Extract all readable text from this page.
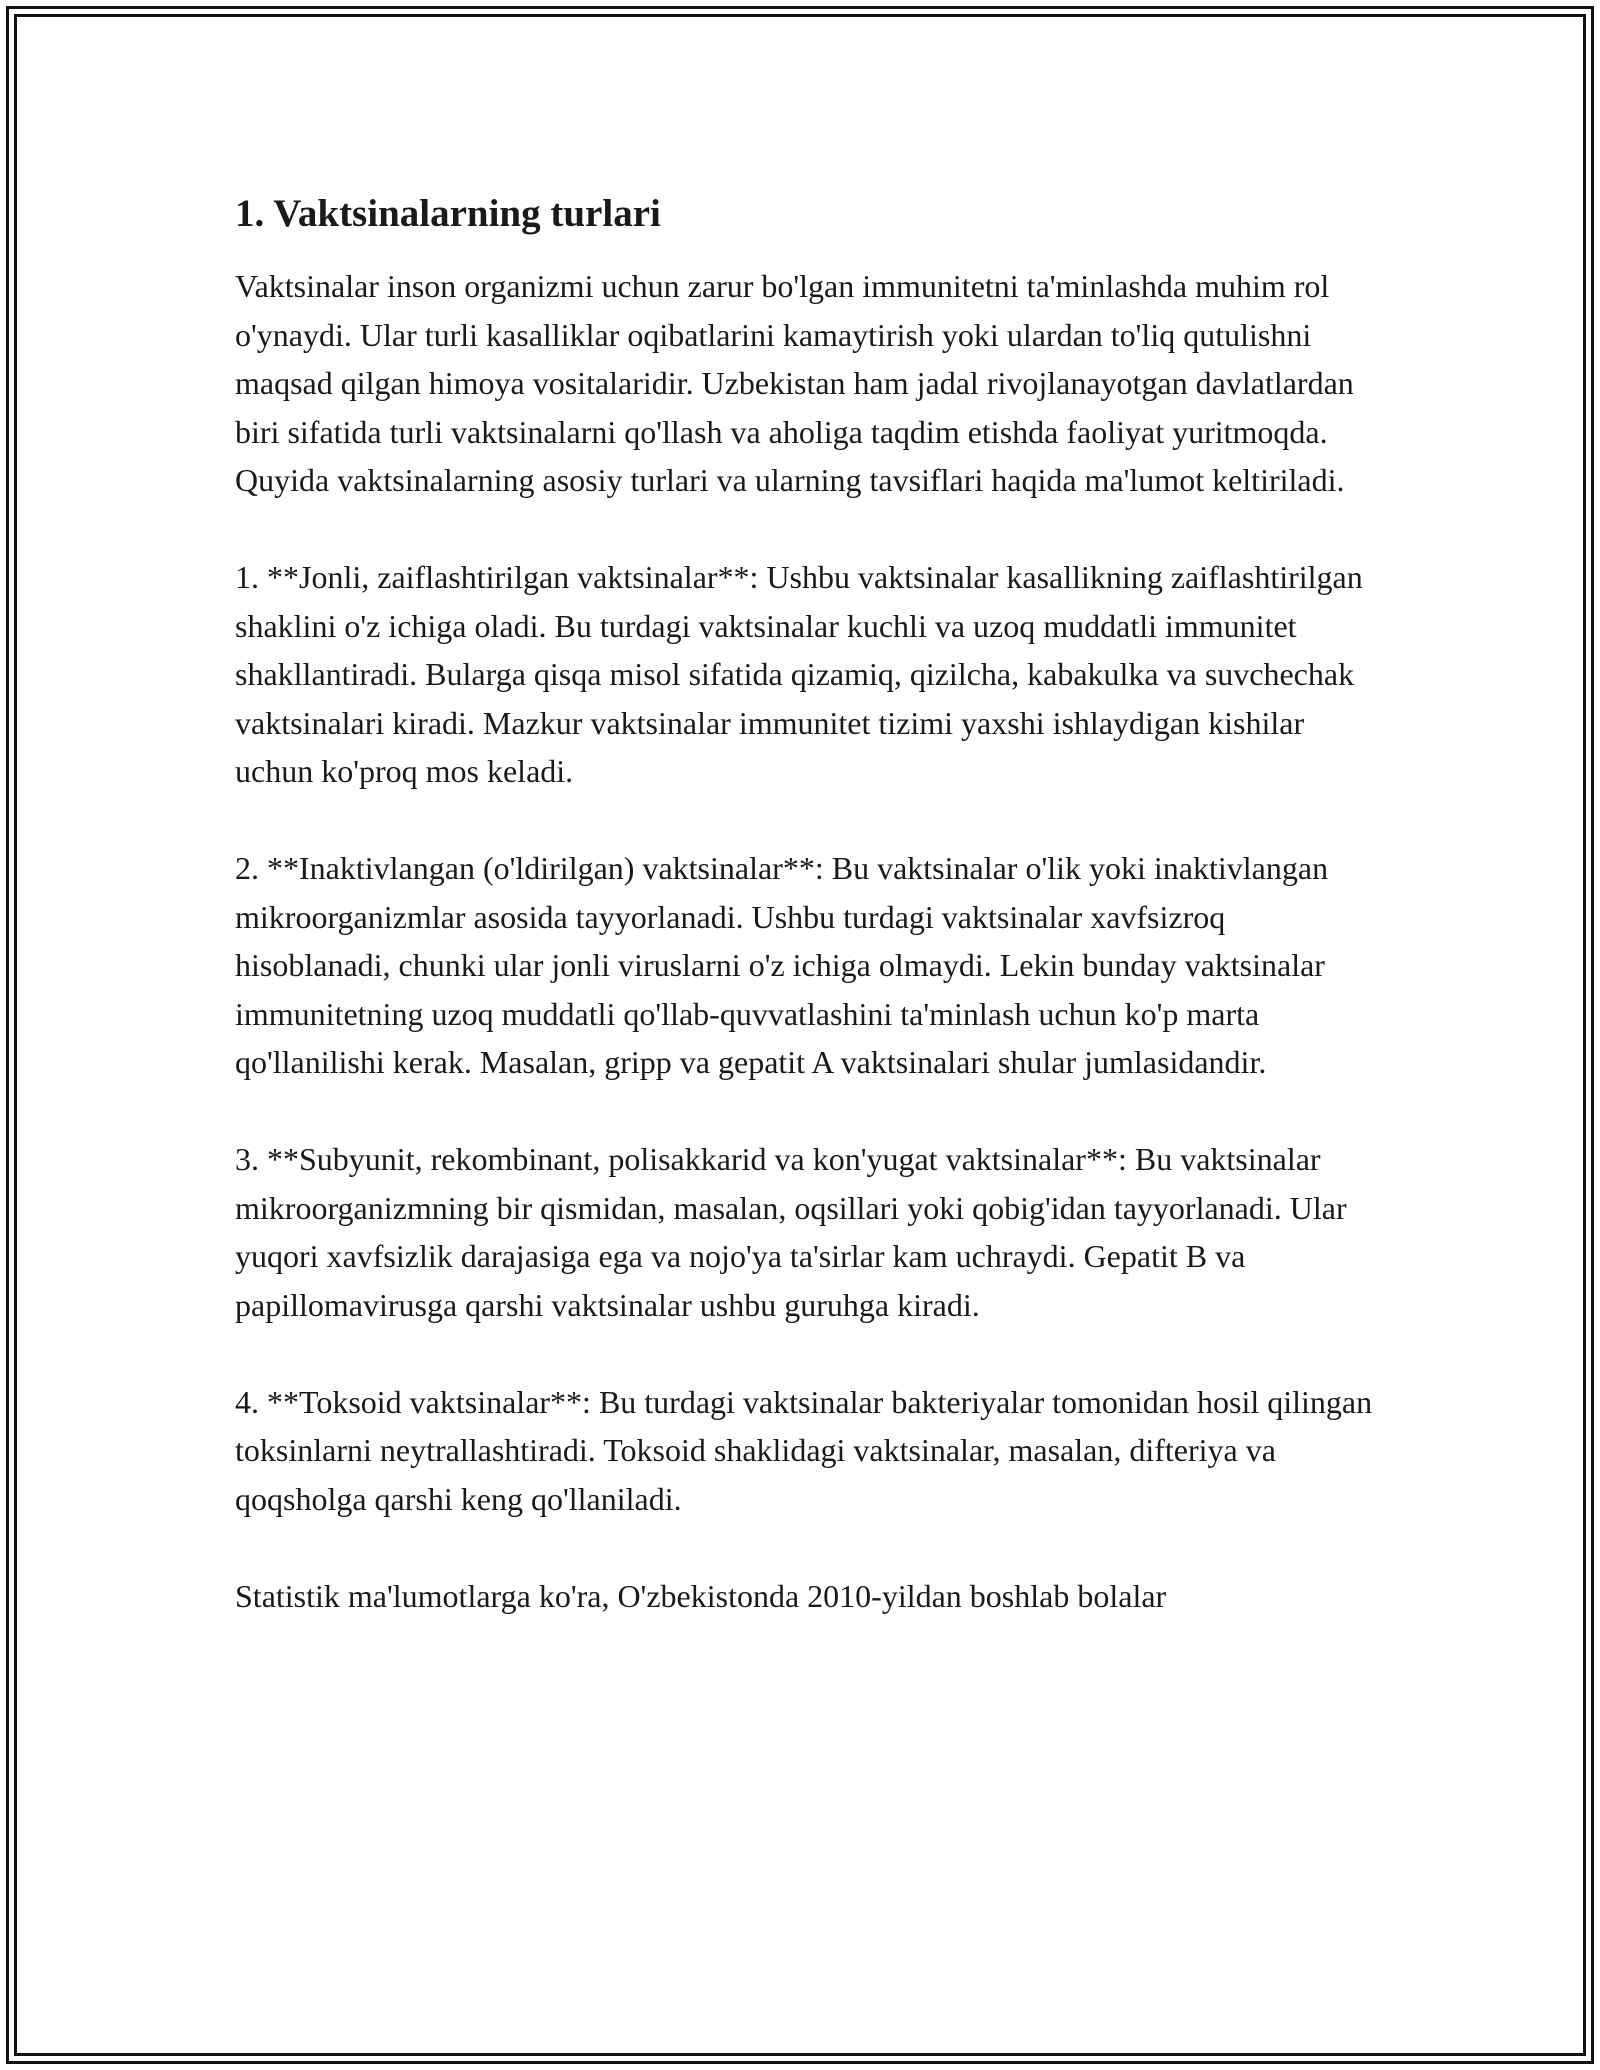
1. Vaktsinalarning turlari

Vaktsinalar inson organizmi uchun zarur bo'lgan immunitetni ta'minlashda muhim rol o'ynaydi. Ular turli kasalliklar oqibatlarini kamaytirish yoki ulardan to'liq qutulishni maqsad qilgan himoya vositalaridir. Uzbekistan ham jadal rivojlanayotgan davlatlardan biri sifatida turli vaktsinalarni qo'llash va aholiga taqdim etishda faoliyat yuritmoqda. Quyida vaktsinalarning asosiy turlari va ularning tavsiflari haqida ma'lumot keltiriladi.

1. **Jonli, zaiflashtirilgan vaktsinalar**: Ushbu vaktsinalar kasallikning zaiflashtirilgan shaklini o'z ichiga oladi. Bu turdagi vaktsinalar kuchli va uzoq muddatli immunitet shakllantiradi. Bularga qisqa misol sifatida qizamiq, qizilcha, kabakulka va suvchechak vaktsinalari kiradi. Mazkur vaktsinalar immunitet tizimi yaxshi ishlaydigan kishilar uchun ko'proq mos keladi.

2. **Inaktivlangan (o'ldirilgan) vaktsinalar**: Bu vaktsinalar o'lik yoki inaktivlangan mikroorganizmlar asosida tayyorlanadi. Ushbu turdagi vaktsinalar xavfsizroq hisoblanadi, chunki ular jonli viruslarni o'z ichiga olmaydi. Lekin bunday vaktsinalar immunitetning uzoq muddatli qo'llab-quvvatlashini ta'minlash uchun ko'p marta qo'llanilishi kerak. Masalan, gripp va gepatit A vaktsinalari shular jumlasidandir.

3. **Subyunit, rekombinant, polisakkarid va kon'yugat vaktsinalar**: Bu vaktsinalar mikroorganizmning bir qismidan, masalan, oqsillari yoki qobig'idan tayyorlanadi. Ular yuqori xavfsizlik darajasiga ega va nojo'ya ta'sirlar kam uchraydi. Gepatit B va papillomavirusga qarshi vaktsinalar ushbu guruhga kiradi.

4. **Toksoid vaktsinalar**: Bu turdagi vaktsinalar bakteriyalar tomonidan hosil qilingan toksinlarni neytrallashtiradi. Toksoid shaklidagi vaktsinalar, masalan, difteriya va qoqsholga qarshi keng qo'llaniladi.

Statistik ma'lumotlarga ko'ra, O'zbekistonda 2010-yildan boshlab bolalar
